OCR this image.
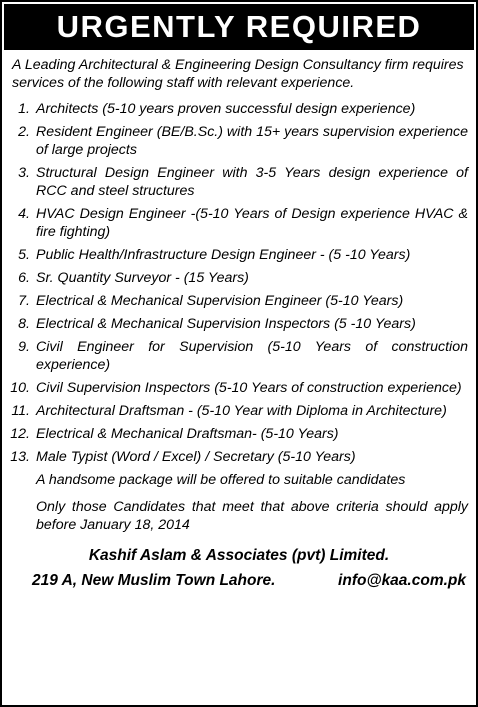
URGENTLY REQUIRED
A Leading Architectural & Engineering Design Consultancy firm requires services of the following staff with relevant experience.
1. Architects (5-10 years proven successful design experience)
2. Resident Engineer (BE/B.Sc.) with 15+ years supervision experience of large projects
3. Structural Design Engineer with 3-5 Years design experience of RCC and steel structures
4. HVAC Design Engineer -(5-10 Years of Design experience HVAC & fire fighting)
5. Public Health/Infrastructure Design Engineer - (5 -10 Years)
6. Sr. Quantity Surveyor - (15 Years)
7. Electrical & Mechanical Supervision Engineer (5-10 Years)
8. Electrical & Mechanical Supervision Inspectors (5 -10 Years)
9. Civil Engineer for Supervision (5-10 Years of construction experience)
10. Civil Supervision Inspectors (5-10 Years of construction experience)
11. Architectural Draftsman - (5-10 Year with Diploma in Architecture)
12. Electrical & Mechanical Draftsman- (5-10 Years)
13. Male Typist (Word / Excel) / Secretary (5-10 Years)
A handsome package will be offered to suitable candidates
Only those Candidates that meet that above criteria should apply before January 18, 2014
Kashif Aslam & Associates (pvt) Limited.
219 A, New Muslim Town Lahore.	info@kaa.com.pk
